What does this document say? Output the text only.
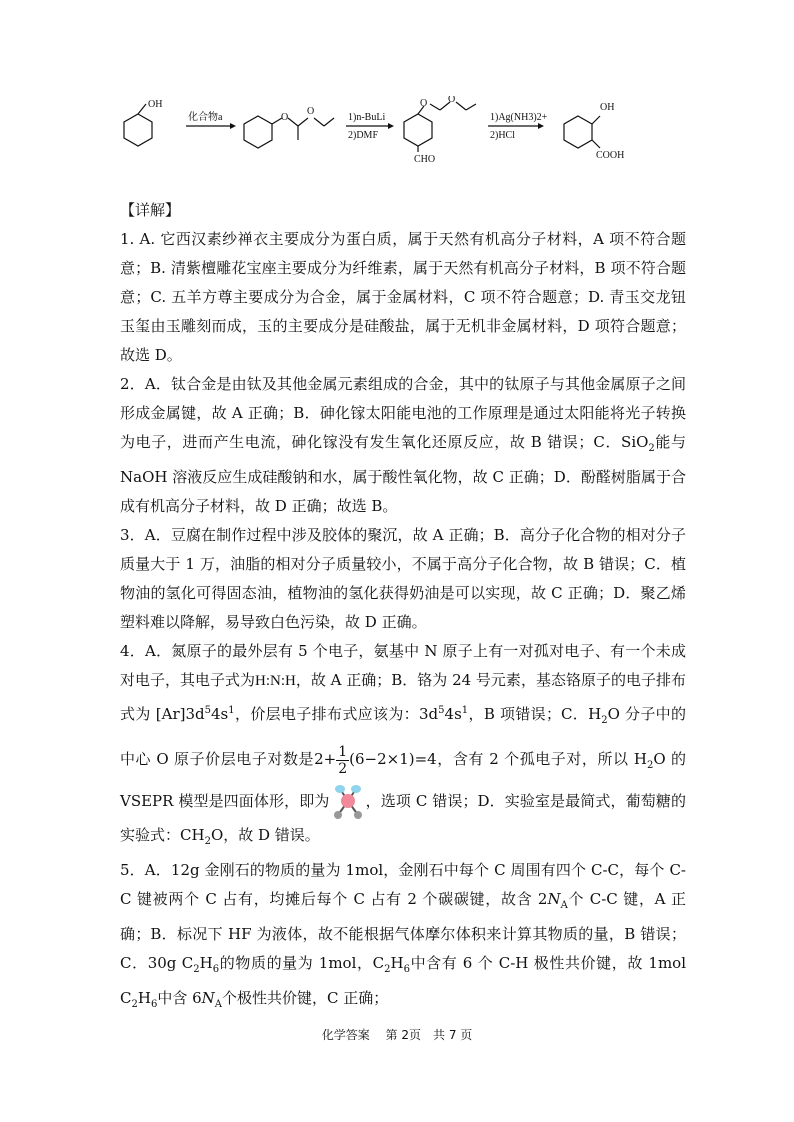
OH
化合物a	O
O
1)n-BuLi
2)DMF
O O
CHO
1)Ag(NH3)2+
2)HCl
OH
COOH

【详解】

1. A. 它西汉素纱禅衣主要成分为蛋白质，属于天然有机高分子材料，A 项不符合题意；B. 清紫檀雕花宝座主要成分为纤维素，属于天然有机高分子材料，B 项不符合题意；C. 五羊方尊主要成分为合金，属于金属材料，C 项不符合题意；D. 青玉交龙钮玉玺由玉雕刻而成，玉的主要成分是硅酸盐，属于无机非金属材料，D 项符合题意；故选 D。

2．A．钛合金是由钛及其他金属元素组成的合金，其中的钛原子与其他金属原子之间形成金属键，故 A 正确；B．砷化镓太阳能电池的工作原理是通过太阳能将光子转换为电子，进而产生电流，砷化镓没有发生氧化还原反应，故 B 错误；C．SiO$_2$能与 NaOH 溶液反应生成硅酸钠和水，属于酸性氧化物，故 C 正确；D．酚醛树脂属于合成有机高分子材料，故 D 正确；故选 B。

3．A．豆腐在制作过程中涉及胶体的聚沉，故 A 正确；B．高分子化合物的相对分子质量大于 1 万，油脂的相对分子质量较小，不属于高分子化合物，故 B 错误；C．植物油的氢化可得固态油，植物油的氢化获得奶油是可以实现，故 C 正确；D．聚乙烯塑料难以降解，易导致白色污染，故 D 正确。

4．A．氮原子的最外层有 5 个电子，氨基中 N 原子上有一对孤对电子、有一个未成对电子，其电子式为H:N:H，故 A 正确；B．铬为 24 号元素，基态铬原子的电子排布式为 $[Ar]3d^54s^1$，价层电子排布式应该为：$3d^54s^1$，B 项错误；C．$H_2O$ 分子中的中心 O 原子价层电子对数是$2+ \frac{1}{2} (6-2\times 1)=4$，含有 2 个孤电子对，所以 $H_2O$ 的 VSEPR 模型是四面体形，即为 ，选项 C 错误；D．实验室是最简式，葡萄糖的实验式：$CH_2O$，故 D 错误。

5．A．12g 金刚石的物质的量为 1mol，金刚石中每个 C 周围有四个 C-C，每个 C-C 键被两个 C 占有，均摊后每个 C 占有 2 个碳碳键，故含 $2N_A$个 C-C 键，A 正确；B．标况下 HF 为液体，故不能根据气体摩尔体积来计算其物质的量，B 错误；C．30g $C_2H_6$的物质的量为 1mol，$C_2H_6$中含有 6 个 C-H 极性共价键，故 1mol $C_2H_6$中含 $6N_A$个极性共价键，C 正确；

化学答案　 第 2页　共 7 页
